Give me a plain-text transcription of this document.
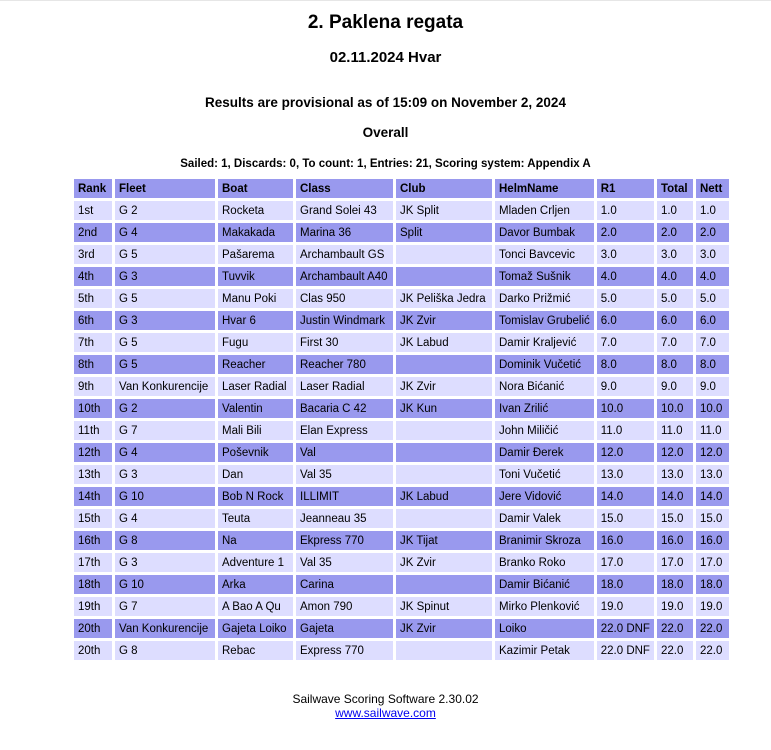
2. Paklena regata
02.11.2024 Hvar
Results are provisional as of 15:09 on November 2, 2024
Overall
Sailed: 1, Discards: 0, To count: 1, Entries: 21, Scoring system: Appendix A
Rank	Fleet	Boat	Class	Club	HelmName	R1	Total	Nett
1st	G 2	Rocketa	Grand Solei 43	JK Split	Mladen Crljen	1.0	1.0	1.0
2nd	G 4	Makakada	Marina 36	Split	Davor Bumbak	2.0	2.0	2.0
3rd	G 5	Pašarema	Archambault GS		Tonci Bavcevic	3.0	3.0	3.0
4th	G 3	Tuvvik	Archambault A40		Tomaž Sušnik	4.0	4.0	4.0
5th	G 5	Manu Poki	Clas 950	JK Peliška Jedra	Darko Prižmić	5.0	5.0	5.0
6th	G 3	Hvar 6	Justin Windmark	JK Zvir	Tomislav Grubelić	6.0	6.0	6.0
7th	G 5	Fugu	First 30	JK Labud	Damir Kraljević	7.0	7.0	7.0
8th	G 5	Reacher	Reacher 780		Dominik Vučetić	8.0	8.0	8.0
9th	Van Konkurencije	Laser Radial	Laser Radial	JK Zvir	Nora Bićanić	9.0	9.0	9.0
10th	G 2	Valentin	Bacaria C 42	JK Kun	Ivan Zrilić	10.0	10.0	10.0
11th	G 7	Mali Bili	Elan Express		John Miličić	11.0	11.0	11.0
12th	G 4	Poševnik	Val		Damir Đerek	12.0	12.0	12.0
13th	G 3	Dan	Val 35		Toni Vučetić	13.0	13.0	13.0
14th	G 10	Bob N Rock	ILLIMIT	JK Labud	Jere Vidović	14.0	14.0	14.0
15th	G 4	Teuta	Jeanneau 35		Damir Valek	15.0	15.0	15.0
16th	G 8	Na	Ekpress 770	JK Tijat	Branimir Skroza	16.0	16.0	16.0
17th	G 3	Adventure 1	Val 35	JK Zvir	Branko Roko	17.0	17.0	17.0
18th	G 10	Arka	Carina		Damir Bićanić	18.0	18.0	18.0
19th	G 7	A Bao A Qu	Amon 790	JK Spinut	Mirko Plenković	19.0	19.0	19.0
20th	Van Konkurencije	Gajeta Loiko	Gajeta	JK Zvir	Loiko	22.0 DNF	22.0	22.0
20th	G 8	Rebac	Express 770		Kazimir Petak	22.0 DNF	22.0	22.0
Sailwave Scoring Software 2.30.02
www.sailwave.com
